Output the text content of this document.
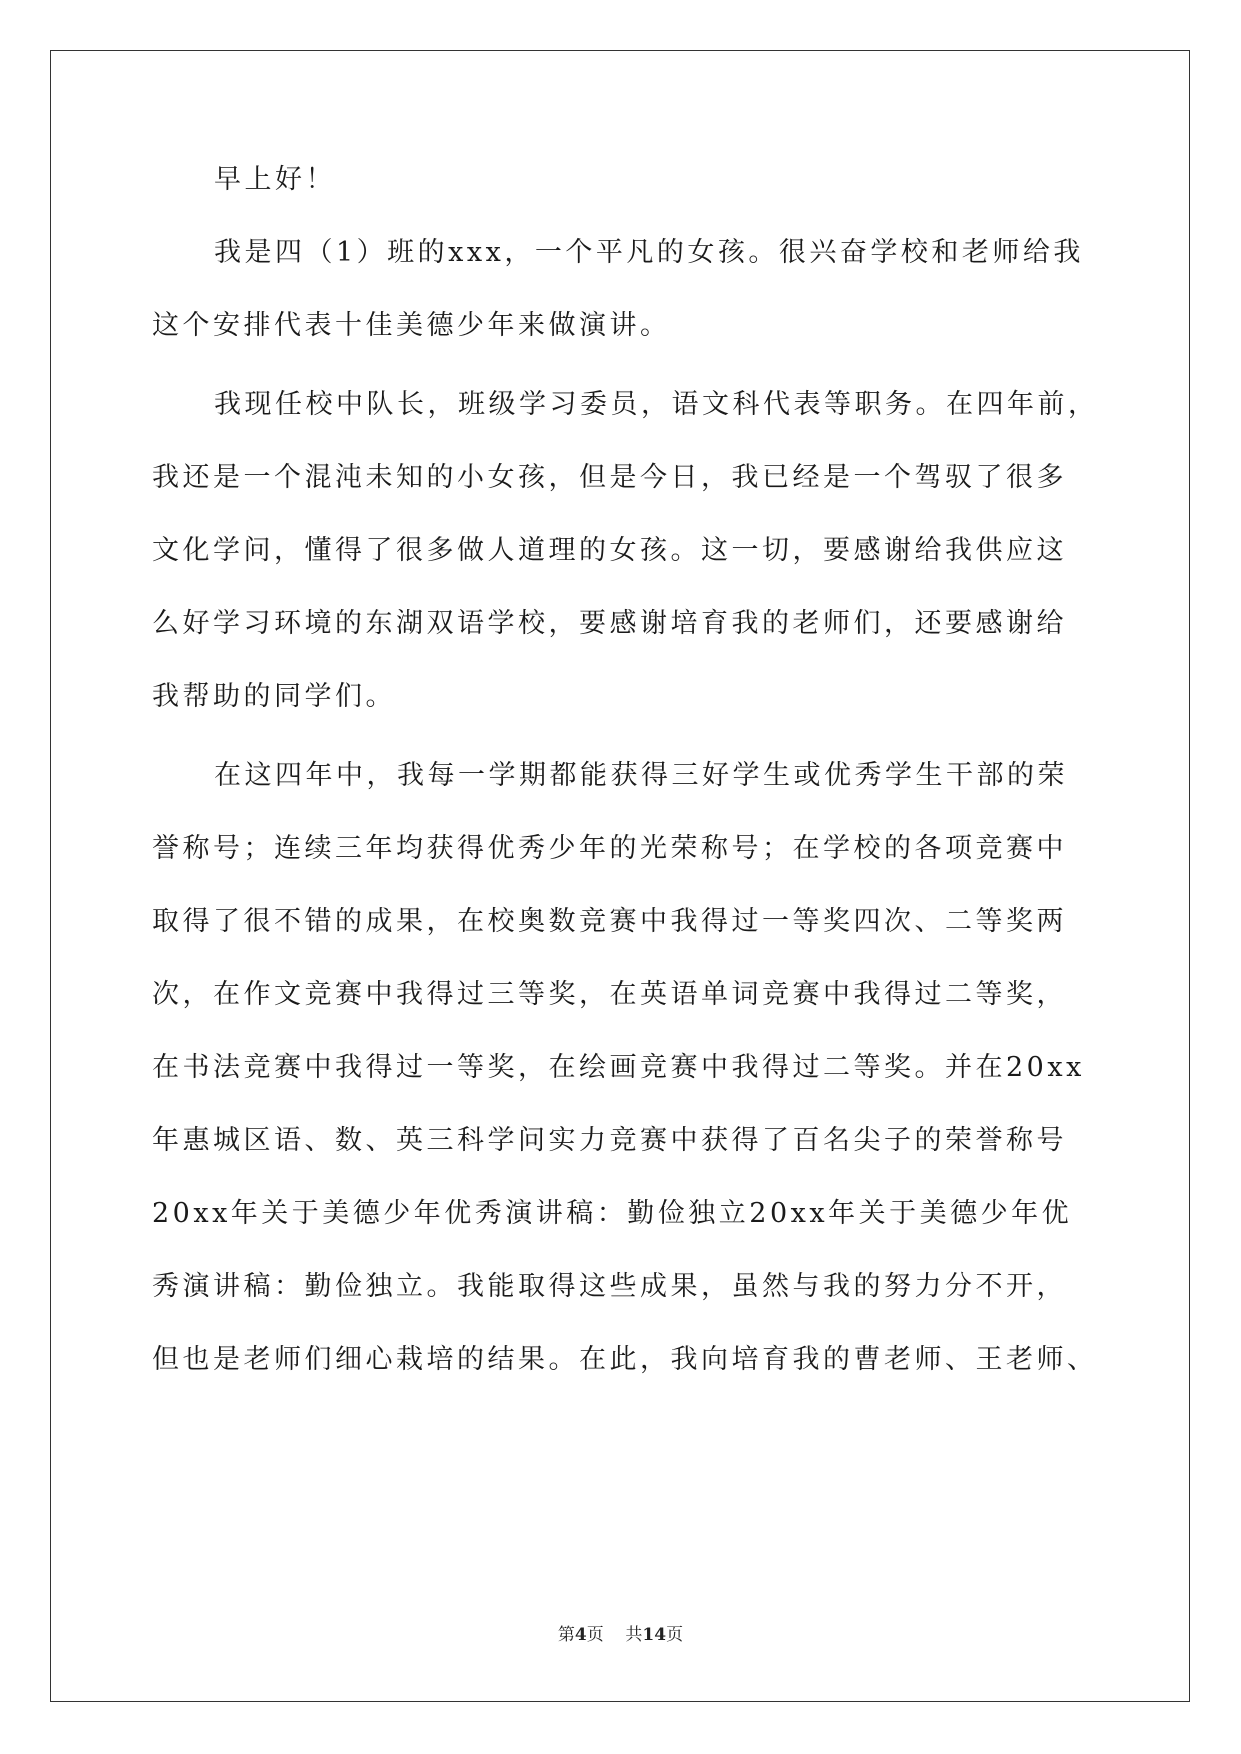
早上好！
我是四（1）班的xxx，一个平凡的女孩。很兴奋学校和老师给我
这个安排代表十佳美德少年来做演讲。
我现任校中队长，班级学习委员，语文科代表等职务。在四年前，
我还是一个混沌未知的小女孩，但是今日，我已经是一个驾驭了很多
文化学问，懂得了很多做人道理的女孩。这一切，要感谢给我供应这
么好学习环境的东湖双语学校，要感谢培育我的老师们，还要感谢给
我帮助的同学们。
在这四年中，我每一学期都能获得三好学生或优秀学生干部的荣
誉称号；连续三年均获得优秀少年的光荣称号；在学校的各项竞赛中
取得了很不错的成果，在校奥数竞赛中我得过一等奖四次、二等奖两
次，在作文竞赛中我得过三等奖，在英语单词竞赛中我得过二等奖，
在书法竞赛中我得过一等奖，在绘画竞赛中我得过二等奖。并在20xx
年惠城区语、数、英三科学问实力竞赛中获得了百名尖子的荣誉称号
20xx年关于美德少年优秀演讲稿：勤俭独立20xx年关于美德少年优
秀演讲稿：勤俭独立。我能取得这些成果，虽然与我的努力分不开，
但也是老师们细心栽培的结果。在此，我向培育我的曹老师、王老师、
第4页 共14页
